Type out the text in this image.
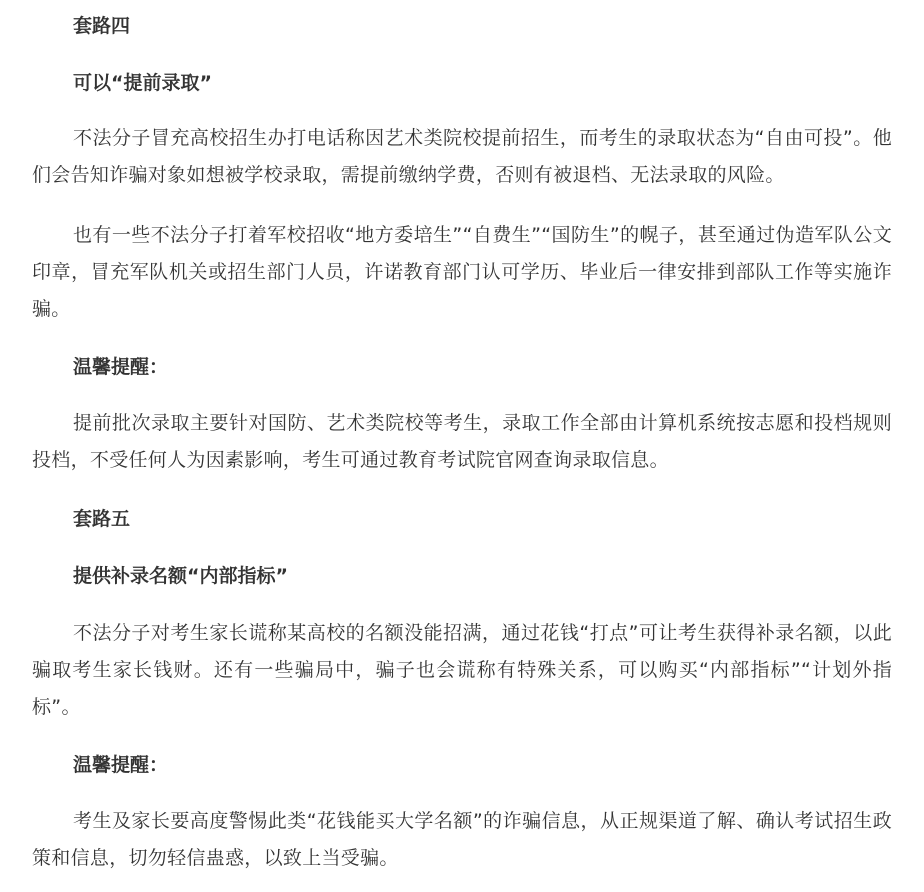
套路四
可以“提前录取”

不法分子冒充高校招生办打电话称因艺术类院校提前招生，而考生的录取状态为“自由可投”。他们会告知诈骗对象如想被学校录取，需提前缴纳学费，否则有被退档、无法录取的风险。

也有一些不法分子打着军校招收“地方委培生”“自费生”“国防生”的幌子，甚至通过伪造军队公文印章，冒充军队机关或招生部门人员，许诺教育部门认可学历、毕业后一律安排到部队工作等实施诈骗。

温馨提醒：

提前批次录取主要针对国防、艺术类院校等考生，录取工作全部由计算机系统按志愿和投档规则投档，不受任何人为因素影响，考生可通过教育考试院官网查询录取信息。

套路五
提供补录名额“内部指标”

不法分子对考生家长谎称某高校的名额没能招满，通过花钱“打点”可让考生获得补录名额，以此骗取考生家长钱财。还有一些骗局中，骗子也会谎称有特殊关系，可以购买“内部指标”“计划外指标”。

温馨提醒：

考生及家长要高度警惕此类“花钱能买大学名额”的诈骗信息，从正规渠道了解、确认考试招生政策和信息，切勿轻信蛊惑，以致上当受骗。
